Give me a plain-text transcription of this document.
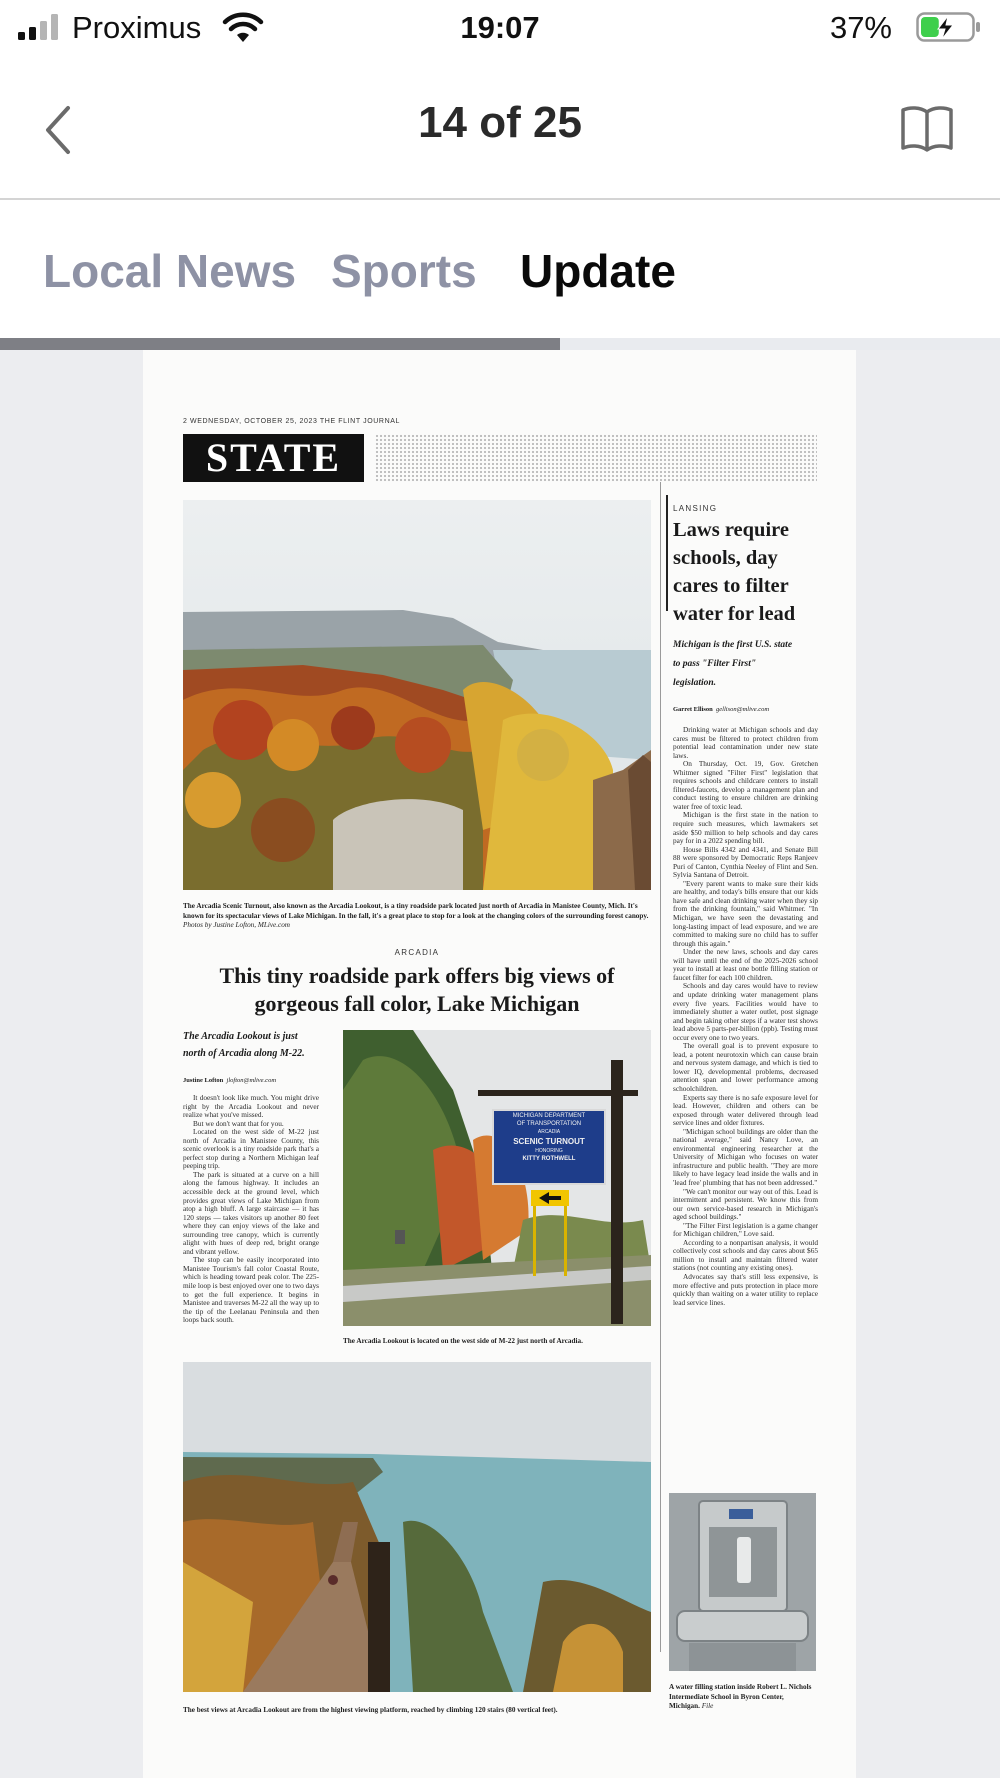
Proximus	19:07	37%
14 of 25
Local News Sports Update
2 WEDNESDAY, OCTOBER 25, 2023 THE FLINT JOURNAL
STATE
The Arcadia Scenic Turnout, also known as the Arcadia Lookout, is a tiny roadside park located just north of Arcadia in Manistee County, Mich. It's known for its spectacular views of Lake Michigan. In the fall, it's a great place to stop for a look at the changing colors of the surrounding forest canopy. Photos by Justine Lofton, MLive.com
ARCADIA
This tiny roadside park offers big views of gorgeous fall color, Lake Michigan
The Arcadia Lookout is just north of Arcadia along M-22.
Justine Lofton jlofton@mlive.com

It doesn't look like much. You might drive right by the Arcadia Lookout and never realize what you've missed.

But we don't want that for you.

Located on the west side of M-22 just north of Arcadia in Manistee County, this scenic overlook is a tiny roadside park that's a perfect stop during a Northern Michigan leaf peeping trip.

The park is situated at a curve on a hill along the famous highway. It includes an accessible deck at the ground level, which provides great views of Lake Michigan from atop a high bluff. A large staircase — it has 120 steps — takes visitors up another 80 feet where they can enjoy views of the lake and surrounding tree canopy, which is currently alight with hues of deep red, bright orange and vibrant yellow.

The stop can be easily incorporated into Manistee Tourism's fall color Coastal Route, which is heading toward peak color. The 225-mile loop is best enjoyed over one to two days to get the full experience. It begins in Manistee and traverses M-22 all the way up to the tip of the Leelanau Peninsula and then loops back south.

MICHIGAN DEPARTMENT
OF TRANSPORTATION
ARCADIA
SCENIC TURNOUT
HONORING
KITTY ROTHWELL
The Arcadia Lookout is located on the west side of M-22 just north of Arcadia.
The best views at Arcadia Lookout are from the highest viewing platform, reached by climbing 120 stairs (80 vertical feet).
LANSING
Laws require schools, day cares to filter water for lead
Michigan is the first U.S. state to pass "Filter First" legislation.
Garret Ellison gellison@mlive.com

Drinking water at Michigan schools and day cares must be filtered to protect children from potential lead contamination under new state laws.

On Thursday, Oct. 19, Gov. Gretchen Whitmer signed "Filter First" legislation that requires schools and childcare centers to install filtered-faucets, develop a management plan and conduct testing to ensure children are drinking water free of toxic lead.

Michigan is the first state in the nation to require such measures, which lawmakers set aside $50 million to help schools and day cares pay for in a 2022 spending bill.

House Bills 4342 and 4341, and Senate Bill 88 were sponsored by Democratic Reps Ranjeev Puri of Canton, Cynthia Neeley of Flint and Sen. Sylvia Santana of Detroit.

"Every parent wants to make sure their kids are healthy, and today's bills ensure that our kids have safe and clean drinking water when they sip from the drinking fountain," said Whitmer. "In Michigan, we have seen the devastating and long-lasting impact of lead exposure, and we are committed to making sure no child has to suffer through this again."

Under the new laws, schools and day cares will have until the end of the 2025-2026 school year to install at least one bottle filling station or faucet filter for each 100 children.

Schools and day cares would have to review and update drinking water management plans every five years. Facilities would have to immediately shutter a water outlet, post signage and begin taking other steps if a water test shows lead above 5 parts-per-billion (ppb). Testing must occur every one to two years.

The overall goal is to prevent exposure to lead, a potent neurotoxin which can cause brain and nervous system damage, and which is tied to lower IQ, developmental problems, decreased attention span and lower performance among schoolchildren.

Experts say there is no safe exposure level for lead. However, children and others can be exposed through water delivered through lead service lines and older fixtures.

"Michigan school buildings are older than the national average," said Nancy Love, an environmental engineering researcher at the University of Michigan who focuses on water infrastructure and public health. "They are more likely to have legacy lead inside the walls and in 'lead free' plumbing that has not been addressed."

"We can't monitor our way out of this. Lead is intermittent and persistent. We know this from our own service-based research in Michigan's aged school buildings."

"The Filter First legislation is a game changer for Michigan children," Love said.

According to a nonpartisan analysis, it would collectively cost schools and day cares about $65 million to install and maintain filtered water stations (not counting any existing ones).

Advocates say that's still less expensive, is more effective and puts protection in place more quickly than waiting on a water utility to replace lead service lines.

A water filling station inside Robert L. Nichols Intermediate School in Byron Center, Michigan. File
